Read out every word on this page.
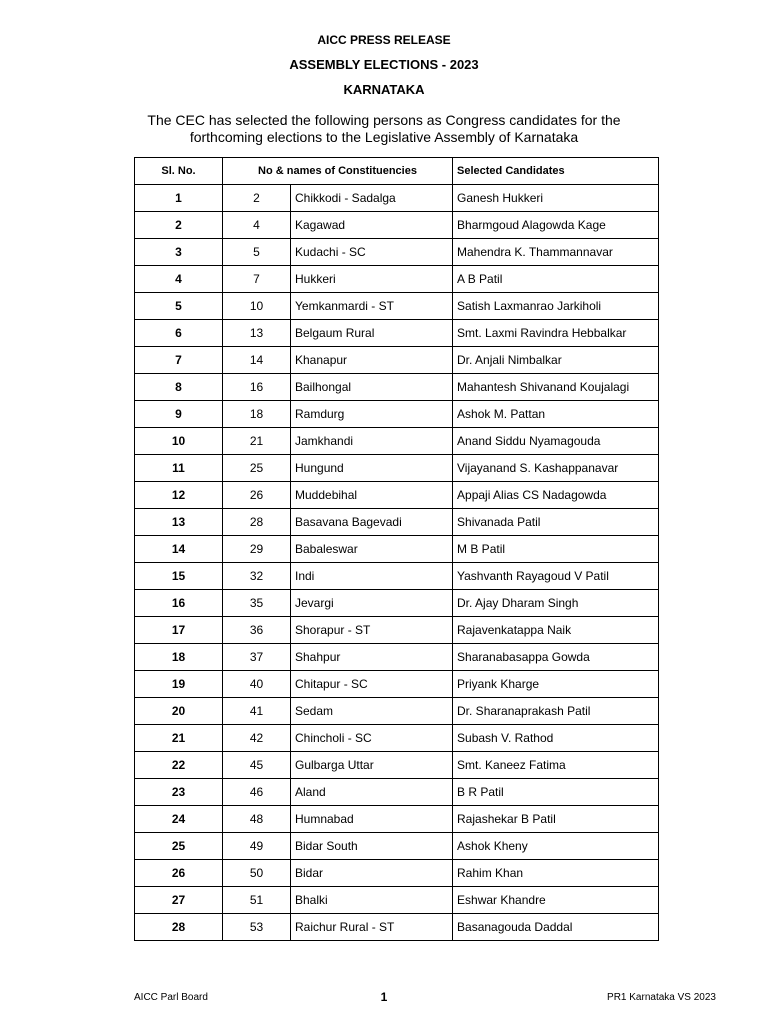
AICC PRESS RELEASE
ASSEMBLY ELECTIONS - 2023
KARNATAKA
The CEC has selected the following persons as Congress candidates for the
forthcoming elections to the Legislative Assembly of Karnataka
Sl. No.	No & names of Constituencies		Selected Candidates
1	2	Chikkodi - Sadalga	Ganesh Hukkeri
2	4	Kagawad	Bharmgoud Alagowda Kage
3	5	Kudachi - SC	Mahendra K. Thammannavar
4	7	Hukkeri	A B Patil
5	10	Yemkanmardi - ST	Satish Laxmanrao Jarkiholi
6	13	Belgaum Rural	Smt. Laxmi Ravindra Hebbalkar
7	14	Khanapur	Dr. Anjali Nimbalkar
8	16	Bailhongal	Mahantesh Shivanand Koujalagi
9	18	Ramdurg	Ashok M. Pattan
10	21	Jamkhandi	Anand Siddu Nyamagouda
11	25	Hungund	Vijayanand S. Kashappanavar
12	26	Muddebihal	Appaji Alias CS Nadagowda
13	28	Basavana Bagevadi	Shivanada Patil
14	29	Babaleswar	M B Patil
15	32	Indi	Yashvanth Rayagoud V Patil
16	35	Jevargi	Dr. Ajay Dharam Singh
17	36	Shorapur - ST	Rajavenkatappa Naik
18	37	Shahpur	Sharanabasappa Gowda
19	40	Chitapur - SC	Priyank Kharge
20	41	Sedam	Dr. Sharanaprakash Patil
21	42	Chincholi - SC	Subash V. Rathod
22	45	Gulbarga Uttar	Smt. Kaneez Fatima
23	46	Aland	B R Patil
24	48	Humnabad	Rajashekar B Patil
25	49	Bidar South	Ashok Kheny
26	50	Bidar	Rahim Khan
27	51	Bhalki	Eshwar Khandre
28	53	Raichur Rural - ST	Basanagouda Daddal
AICC Parl Board	1	PR1 Karnataka VS 2023
